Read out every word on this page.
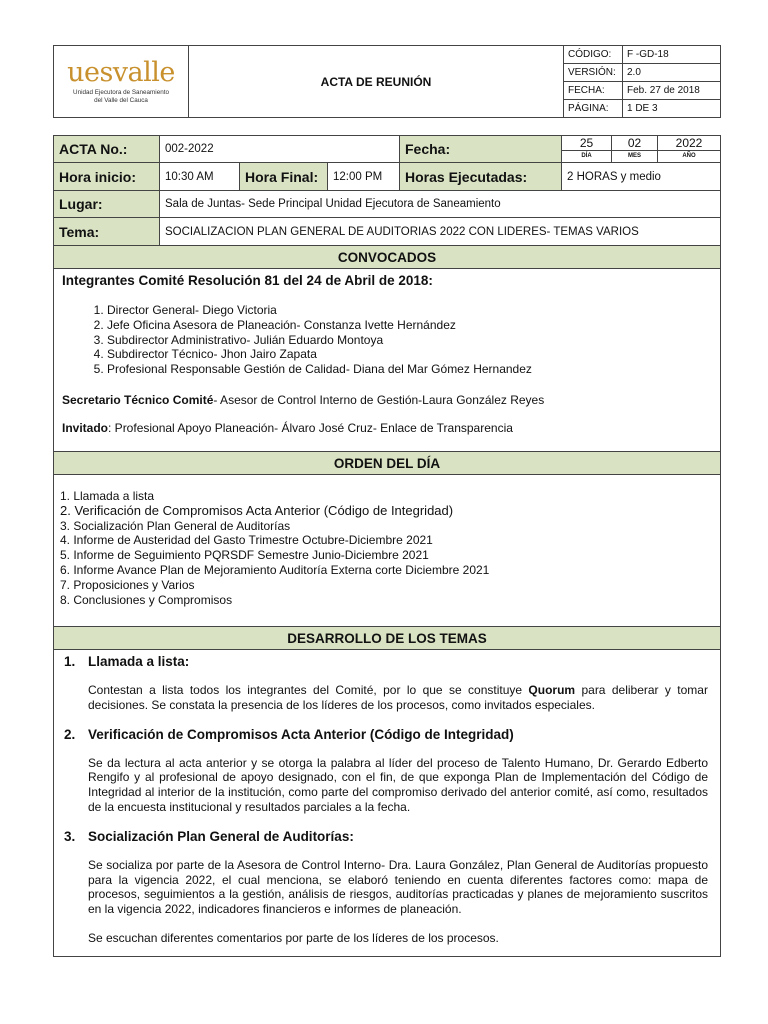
uesvalle
Unidad Ejecutora de Saneamiento
del Valle del Cauca
ACTA DE REUNIÓN
CÓDIGO:	F -GD-18
VERSIÓN:	2.0
FECHA:	Feb. 27 de 2018
PÁGINA:	1 DE 3
ACTA No.:	002-2022	Fecha:	25	02	2022
DÍA	MES	AÑO
Hora inicio:	10:30 AM	Hora Final:	12:00 PM	Horas Ejecutadas:	2 HORAS y medio
Lugar:	Sala de Juntas- Sede Principal Unidad Ejecutora de Saneamiento
Tema:	SOCIALIZACION PLAN GENERAL DE AUDITORIAS 2022 CON LIDERES- TEMAS VARIOS
CONVOCADOS
Integrantes Comité Resolución 81 del 24 de Abril de 2018:
1. Director General- Diego Victoria
2. Jefe Oficina Asesora de Planeación- Constanza Ivette Hernández
3. Subdirector Administrativo- Julián Eduardo Montoya
4. Subdirector Técnico- Jhon Jairo Zapata
5. Profesional Responsable Gestión de Calidad- Diana del Mar Gómez Hernandez

Secretario Técnico Comité- Asesor de Control Interno de Gestión-Laura González Reyes

Invitado: Profesional Apoyo Planeación- Álvaro José Cruz- Enlace de Transparencia

ORDEN DEL DÍA
1. Llamada a lista
2. Verificación de Compromisos Acta Anterior (Código de Integridad)
3. Socialización Plan General de Auditorías
4. Informe de Austeridad del Gasto Trimestre Octubre-Diciembre 2021
5. Informe de Seguimiento PQRSDF Semestre Junio-Diciembre 2021
6. Informe Avance Plan de Mejoramiento Auditoría Externa corte Diciembre 2021
7. Proposiciones y Varios
8. Conclusiones y Compromisos
DESARROLLO DE LOS TEMAS
1. Llamada a lista:

Contestan a lista todos los integrantes del Comité, por lo que se constituye Quorum para deliberar y tomar decisiones. Se constata la presencia de los líderes de los procesos, como invitados especiales.

2. Verificación de Compromisos Acta Anterior (Código de Integridad)

Se da lectura al acta anterior y se otorga la palabra al líder del proceso de Talento Humano, Dr. Gerardo Edberto Rengifo y al profesional de apoyo designado, con el fin, de que exponga Plan de Implementación del Código de Integridad al interior de la institución, como parte del compromiso derivado del anterior comité, así como, resultados de la encuesta institucional y resultados parciales a la fecha.

3. Socialización Plan General de Auditorías:

Se socializa por parte de la Asesora de Control Interno- Dra. Laura González, Plan General de Auditorías propuesto para la vigencia 2022, el cual menciona, se elaboró teniendo en cuenta diferentes factores como: mapa de procesos, seguimientos a la gestión, análisis de riesgos, auditorías practicadas y planes de mejoramiento suscritos en la vigencia 2022, indicadores financieros e informes de planeación.

Se escuchan diferentes comentarios por parte de los líderes de los procesos.
